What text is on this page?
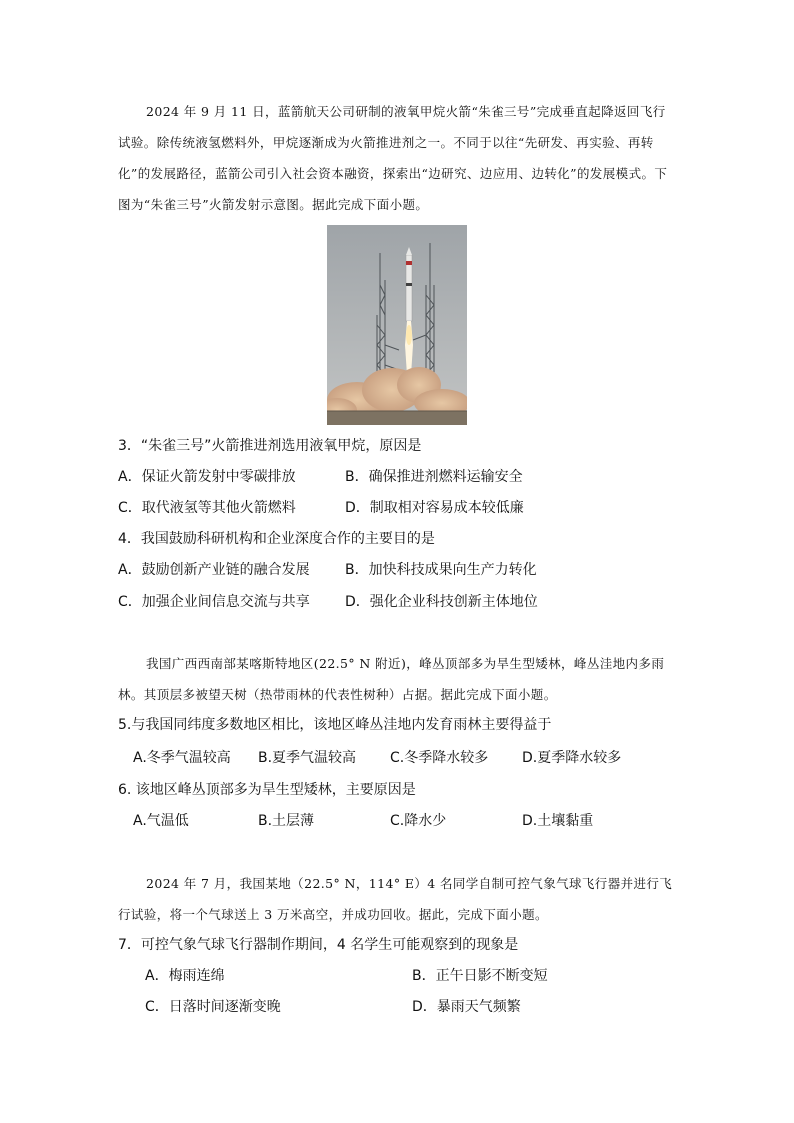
2024 年 9 月 11 日，蓝箭航天公司研制的液氧甲烷火箭“朱雀三号”完成垂直起降返回飞行试验。除传统液氢燃料外，甲烷逐渐成为火箭推进剂之一。不同于以往“先研发、再实验、再转化”的发展路径，蓝箭公司引入社会资本融资，探索出“边研究、边应用、边转化”的发展模式。下图为“朱雀三号”火箭发射示意图。据此完成下面小题。

3．“朱雀三号”火箭推进剂选用液氧甲烷，原因是

A．保证火箭发射中零碳排放	B．确保推进剂燃料运输安全

C．取代液氢等其他火箭燃料	D．制取相对容易成本较低廉

4．我国鼓励科研机构和企业深度合作的主要目的是

A．鼓励创新产业链的融合发展	B．加快科技成果向生产力转化

C．加强企业间信息交流与共享	D．强化企业科技创新主体地位

我国广西西南部某喀斯特地区(22.5° N 附近)，峰丛顶部多为旱生型矮林，峰丛洼地内多雨林。其顶层多被望天树（热带雨林的代表性树种）占据。据此完成下面小题。

5.与我国同纬度多数地区相比，该地区峰丛洼地内发育雨林主要得益于

A.冬季气温较高 B.夏季气温较高 C.冬季降水较多 D.夏季降水较多

6. 该地区峰丛顶部多为旱生型矮林，主要原因是

A.气温低	B.土层薄	C.降水少	D.土壤黏重

2024 年 7 月，我国某地（22.5° N，114° E）4 名同学自制可控气象气球飞行器并进行飞行试验，将一个气球送上 3 万米高空，并成功回收。据此，完成下面小题。

7．可控气象气球飞行器制作期间，4 名学生可能观察到的现象是

A．梅雨连绵	B．正午日影不断变短

C．日落时间逐渐变晚	D．暴雨天气频繁
